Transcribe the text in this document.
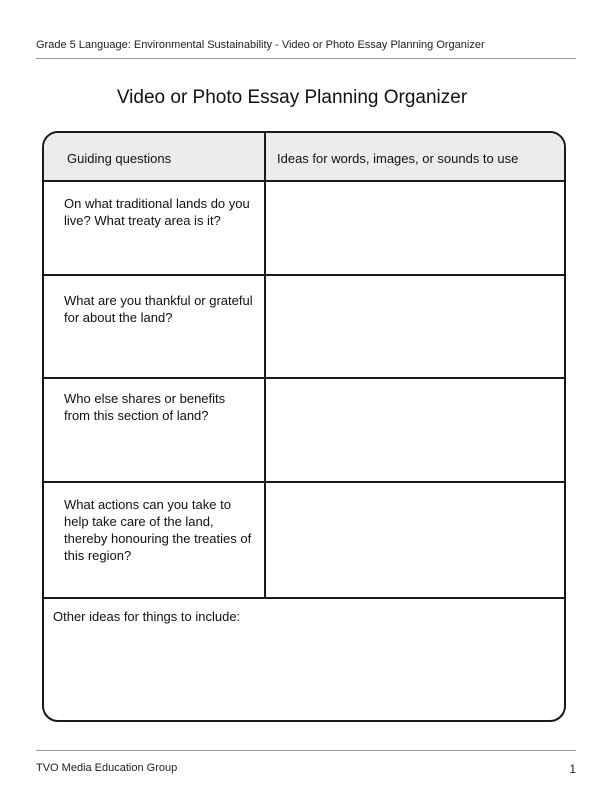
Grade 5 Language: Environmental Sustainability - Video or Photo Essay Planning Organizer
Video or Photo Essay Planning Organizer
Guiding questions	Ideas for words, images, or sounds to use
On what traditional lands do you live? What treaty area is it?
What are you thankful or grateful for about the land?
Who else shares or benefits from this section of land?
What actions can you take to help take care of the land, thereby honouring the treaties of this region?
Other ideas for things to include:
TVO Media Education Group	1
